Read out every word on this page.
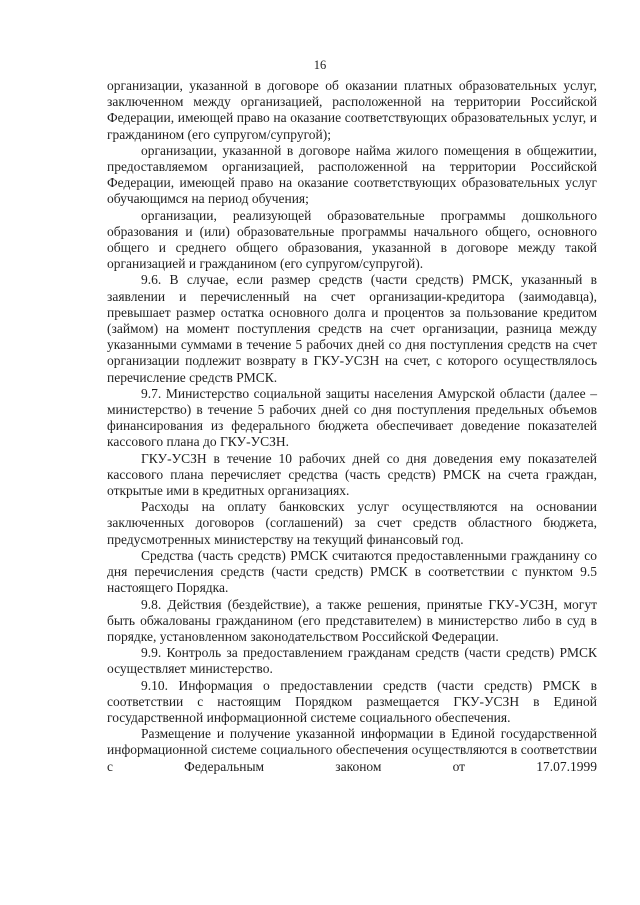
16

организации, указанной в договоре об оказании платных образовательных услуг, заключенном между организацией, расположенной на территории Российской Федерации, имеющей право на оказание соответствующих образовательных услуг, и гражданином (его супругом/супругой);

организации, указанной в договоре найма жилого помещения в общежитии, предоставляемом организацией, расположенной на территории Российской Федерации, имеющей право на оказание соответствующих образовательных услуг обучающимся на период обучения;

организации, реализующей образовательные программы дошкольного образования и (или) образовательные программы начального общего, основного общего и среднего общего образования, указанной в договоре между такой организацией и гражданином (его супругом/супругой).

9.6. В случае, если размер средств (части средств) РМСК, указанный в заявлении и перечисленный на счет организации-кредитора (заимодавца), превышает размер остатка основного долга и процентов за пользование кредитом (займом) на момент поступления средств на счет организации, разница между указанными суммами в течение 5 рабочих дней со дня поступления средств на счет организации подлежит возврату в ГКУ-УСЗН на счет, с которого осуществлялось перечисление средств РМСК.

9.7. Министерство социальной защиты населения Амурской области (далее – министерство) в течение 5 рабочих дней со дня поступления предельных объемов финансирования из федерального бюджета обеспечивает доведение показателей кассового плана до ГКУ-УСЗН.

ГКУ-УСЗН в течение 10 рабочих дней со дня доведения ему показателей кассового плана перечисляет средства (часть средств) РМСК на счета граждан, открытые ими в кредитных организациях.

Расходы на оплату банковских услуг осуществляются на основании заключенных договоров (соглашений) за счет средств областного бюджета, предусмотренных министерству на текущий финансовый год.

Средства (часть средств) РМСК считаются предоставленными гражданину со дня перечисления средств (части средств) РМСК в соответствии с пунктом 9.5 настоящего Порядка.

9.8. Действия (бездействие), а также решения, принятые ГКУ-УСЗН, могут быть обжалованы гражданином (его представителем) в министерство либо в суд в порядке, установленном законодательством Российской Федерации.

9.9. Контроль за предоставлением гражданам средств (части средств) РМСК осуществляет министерство.

9.10. Информация о предоставлении средств (части средств) РМСК в соответствии с настоящим Порядком размещается ГКУ-УСЗН в Единой государственной информационной системе социального обеспечения.

Размещение и получение указанной информации в Единой государственной информационной системе социального обеспечения осуществляются в соответствии с Федеральным законом от 17.07.1999
